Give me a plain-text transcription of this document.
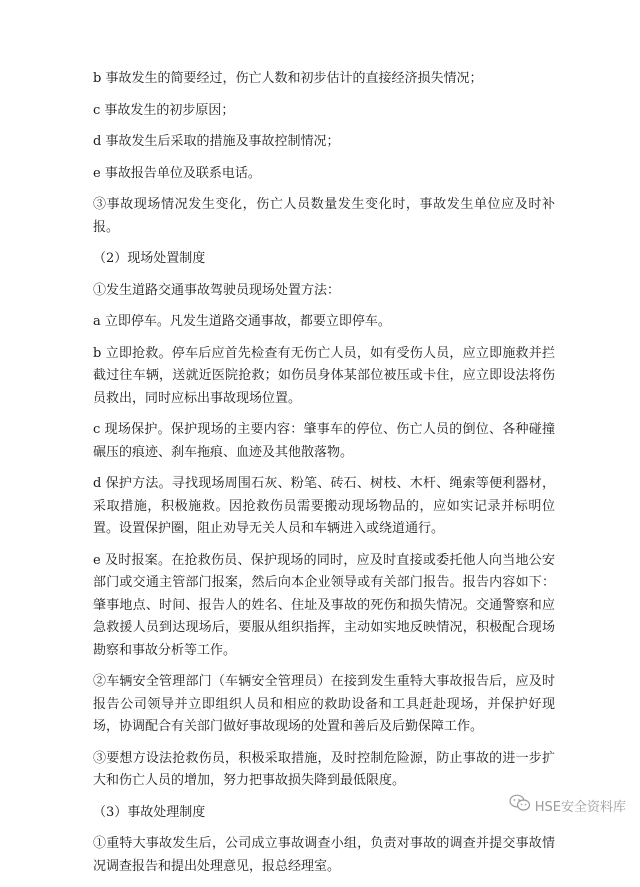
b 事故发生的简要经过，伤亡人数和初步估计的直接经济损失情况；

c 事故发生的初步原因；

d 事故发生后采取的措施及事故控制情况；

e 事故报告单位及联系电话。

③事故现场情况发生变化，伤亡人员数量发生变化时，事故发生单位应及时补报。

（2）现场处置制度

①发生道路交通事故驾驶员现场处置方法：

a 立即停车。凡发生道路交通事故，都要立即停车。

b 立即抢救。停车后应首先检查有无伤亡人员，如有受伤人员，应立即施救并拦截过往车辆，送就近医院抢救；如伤员身体某部位被压或卡住，应立即设法将伤员救出，同时应标出事故现场位置。

c 现场保护。保护现场的主要内容：肇事车的停位、伤亡人员的倒位、各种碰撞碾压的痕迹、刹车拖痕、血迹及其他散落物。

d 保护方法。寻找现场周围石灰、粉笔、砖石、树枝、木杆、绳索等便利器材，采取措施，积极施救。因抢救伤员需要搬动现场物品的，应如实记录并标明位置。设置保护圈，阻止劝导无关人员和车辆进入或绕道通行。

e 及时报案。在抢救伤员、保护现场的同时，应及时直接或委托他人向当地公安部门或交通主管部门报案，然后向本企业领导或有关部门报告。报告内容如下：肇事地点、时间、报告人的姓名、住址及事故的死伤和损失情况。交通警察和应急救援人员到达现场后，要服从组织指挥，主动如实地反映情况，积极配合现场勘察和事故分析等工作。

②车辆安全管理部门（车辆安全管理员）在接到发生重特大事故报告后，应及时报告公司领导并立即组织人员和相应的救助设备和工具赶赴现场，并保护好现场，协调配合有关部门做好事故现场的处置和善后及后勤保障工作。

③要想方设法抢救伤员，积极采取措施，及时控制危险源，防止事故的进一步扩大和伤亡人员的增加，努力把事故损失降到最低限度。

（3）事故处理制度

①重特大事故发生后，公司成立事故调查小组，负责对事故的调查并提交事故情况调查报告和提出处理意见，报总经理室。

HSE安全资料库
